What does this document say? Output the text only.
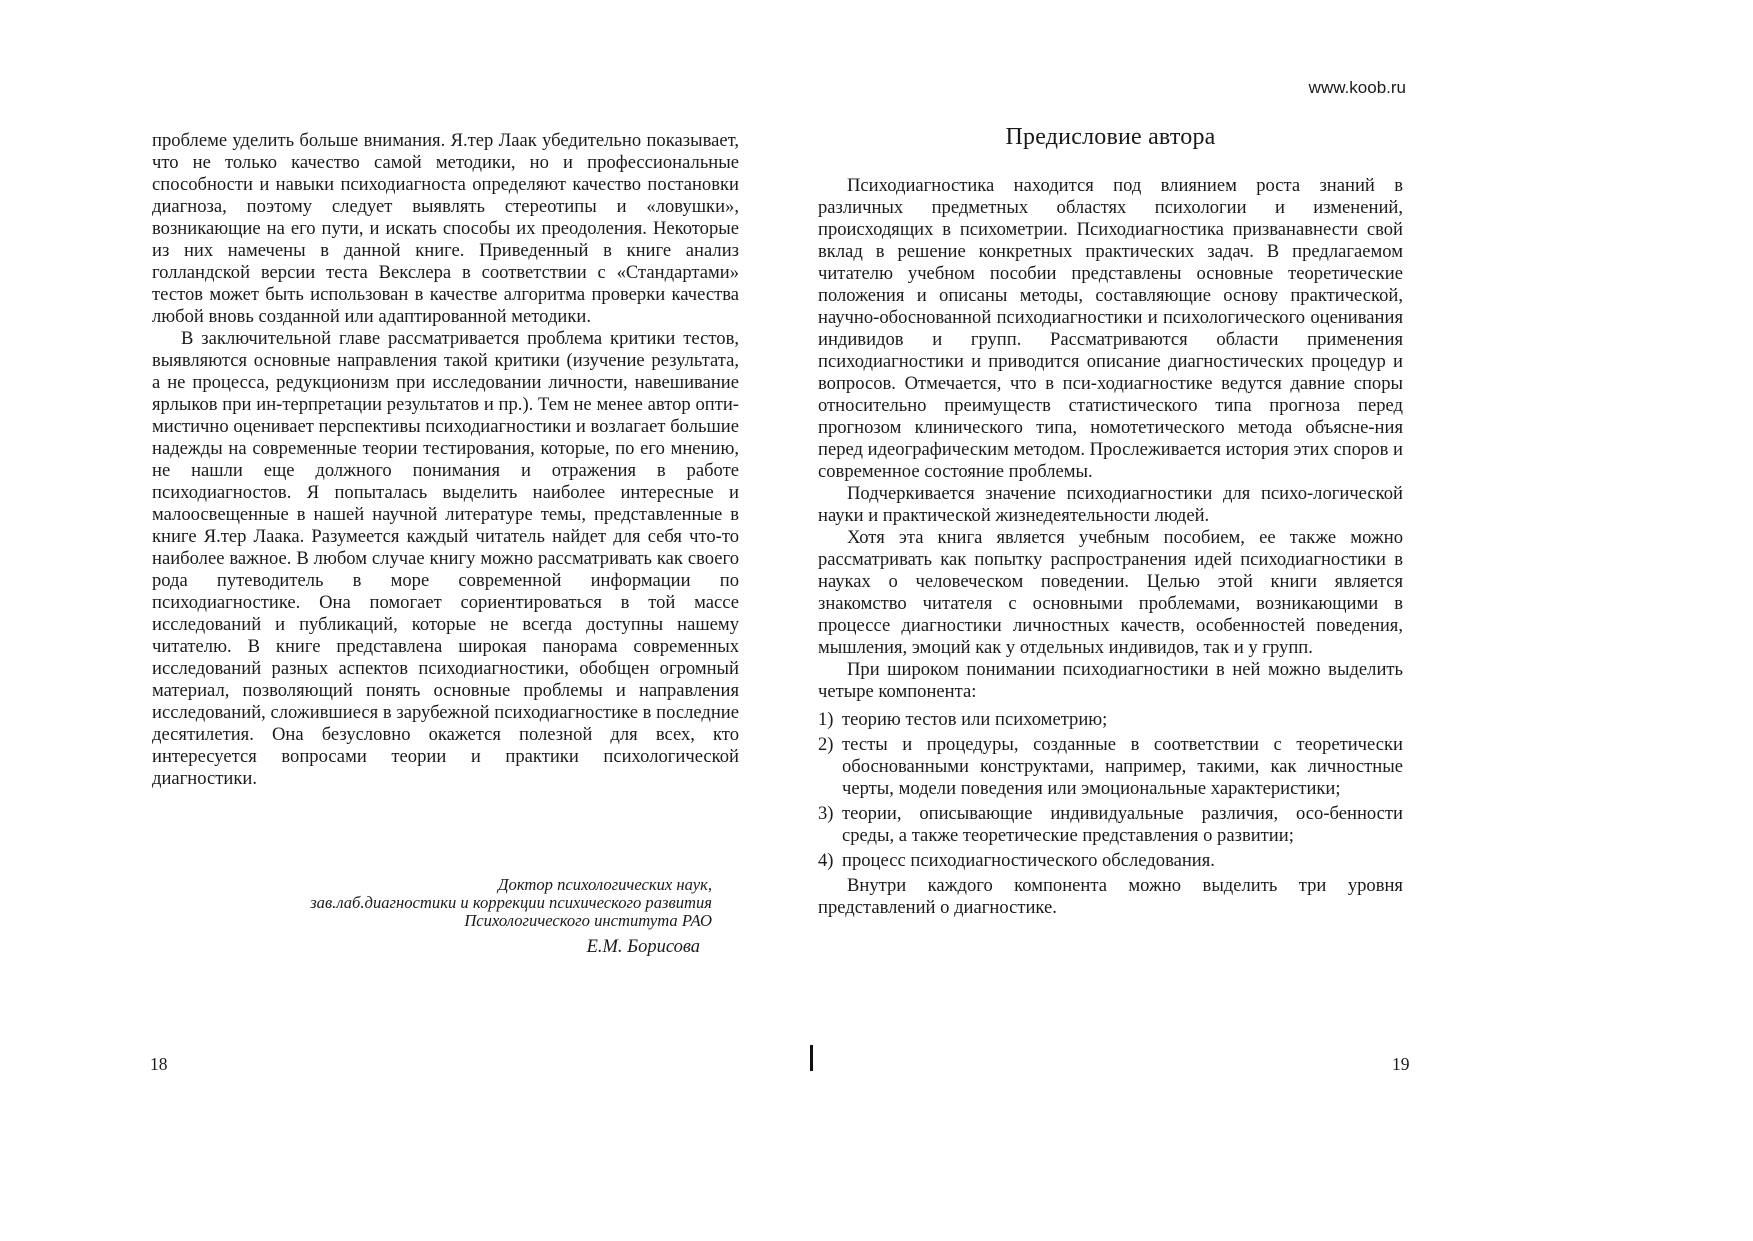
проблеме уделить больше внимания. Я.тер Лаак убедительно показывает, что не только качество самой методики, но и профессиональные способности и навыки психодиагноста определяют качество постановки диагноза, поэтому следует выявлять стереотипы и «ловушки», возникающие на его пути, и искать способы их преодоления. Некоторые из них намечены в данной книге. Приведенный в книге анализ голландской версии теста Векслера в соответствии с «Стандартами» тестов может быть использован в качестве алгоритма проверки качества любой вновь созданной или адаптированной методики.

В заключительной главе рассматривается проблема критики тестов, выявляются основные направления такой критики (изучение результата, а не процесса, редукционизм при исследовании личности, навешивание ярлыков при ин-терпретации результатов и пр.). Тем не менее автор опти-мистично оценивает перспективы психодиагностики и возлагает большие надежды на современные теории тестирования, которые, по его мнению, не нашли еще должного понимания и отражения в работе психодиагностов. Я попыталась выделить наиболее интересные и малоосвещенные в нашей научной литературе темы, представленные в книге Я.тер Лаака. Разумеется каждый читатель найдет для себя что-то наиболее важное. В любом случае книгу можно рассматривать как своего рода путеводитель в море современной информации по психодиагностике. Она помогает сориентироваться в той массе исследований и публикаций, которые не всегда доступны нашему читателю. В книге представлена широкая панорама современных исследований разных аспектов психодиагностики, обобщен огромный материал, позволяющий понять основные проблемы и направления исследований, сложившиеся в зарубежной психодиагностике в последние десятилетия. Она безусловно окажется полезной для всех, кто интересуется вопросами теории и практики психологической диагностики.

Доктор психологических наук,
зав.лаб.диагностики и коррекции психического развития
Психологического института РАО
Е.М. Борисова
18
www.koob.ru
Предисловие автора

Психодиагностика находится под влиянием роста знаний в различных предметных областях психологии и изменений, происходящих в психометрии. Психодиагностика призванавнести свой вклад в решение конкретных практических задач. В предлагаемом читателю учебном пособии представлены основные теоретические положения и описаны методы, составляющие основу практической, научно-обоснованной психодиагностики и психологического оценивания индивидов и групп. Рассматриваются области применения психодиагностики и приводится описание диагностических процедур и вопросов. Отмечается, что в пси-ходиагностике ведутся давние споры относительно преимуществ статистического типа прогноза перед прогнозом клинического типа, номотетического метода объясне-ния перед идеографическим методом. Прослеживается история этих споров и современное состояние проблемы.

Подчеркивается значение психодиагностики для психо-логической науки и практической жизнедеятельности людей.

Хотя эта книга является учебным пособием, ее также можно рассматривать как попытку распространения идей психодиагностики в науках о человеческом поведении. Целью этой книги является знакомство читателя с основными проблемами, возникающими в процессе диагностики личностных качеств, особенностей поведения, мышления, эмоций как у отдельных индивидов, так и у групп.

При широком понимании психодиагностики в ней можно выделить четыре компонента:

1) теорию тестов или психометрию;
2) тесты и процедуры, созданные в соответствии с теоретически обоснованными конструктами, например, такими, как личностные черты, модели поведения или эмоциональные характеристики;
3) теории, описывающие индивидуальные различия, осо-бенности среды, а также теоретические представления о развитии;
4) процесс психодиагностического обследования.

Внутри каждого компонента можно выделить три уровня представлений о диагностике.

19
